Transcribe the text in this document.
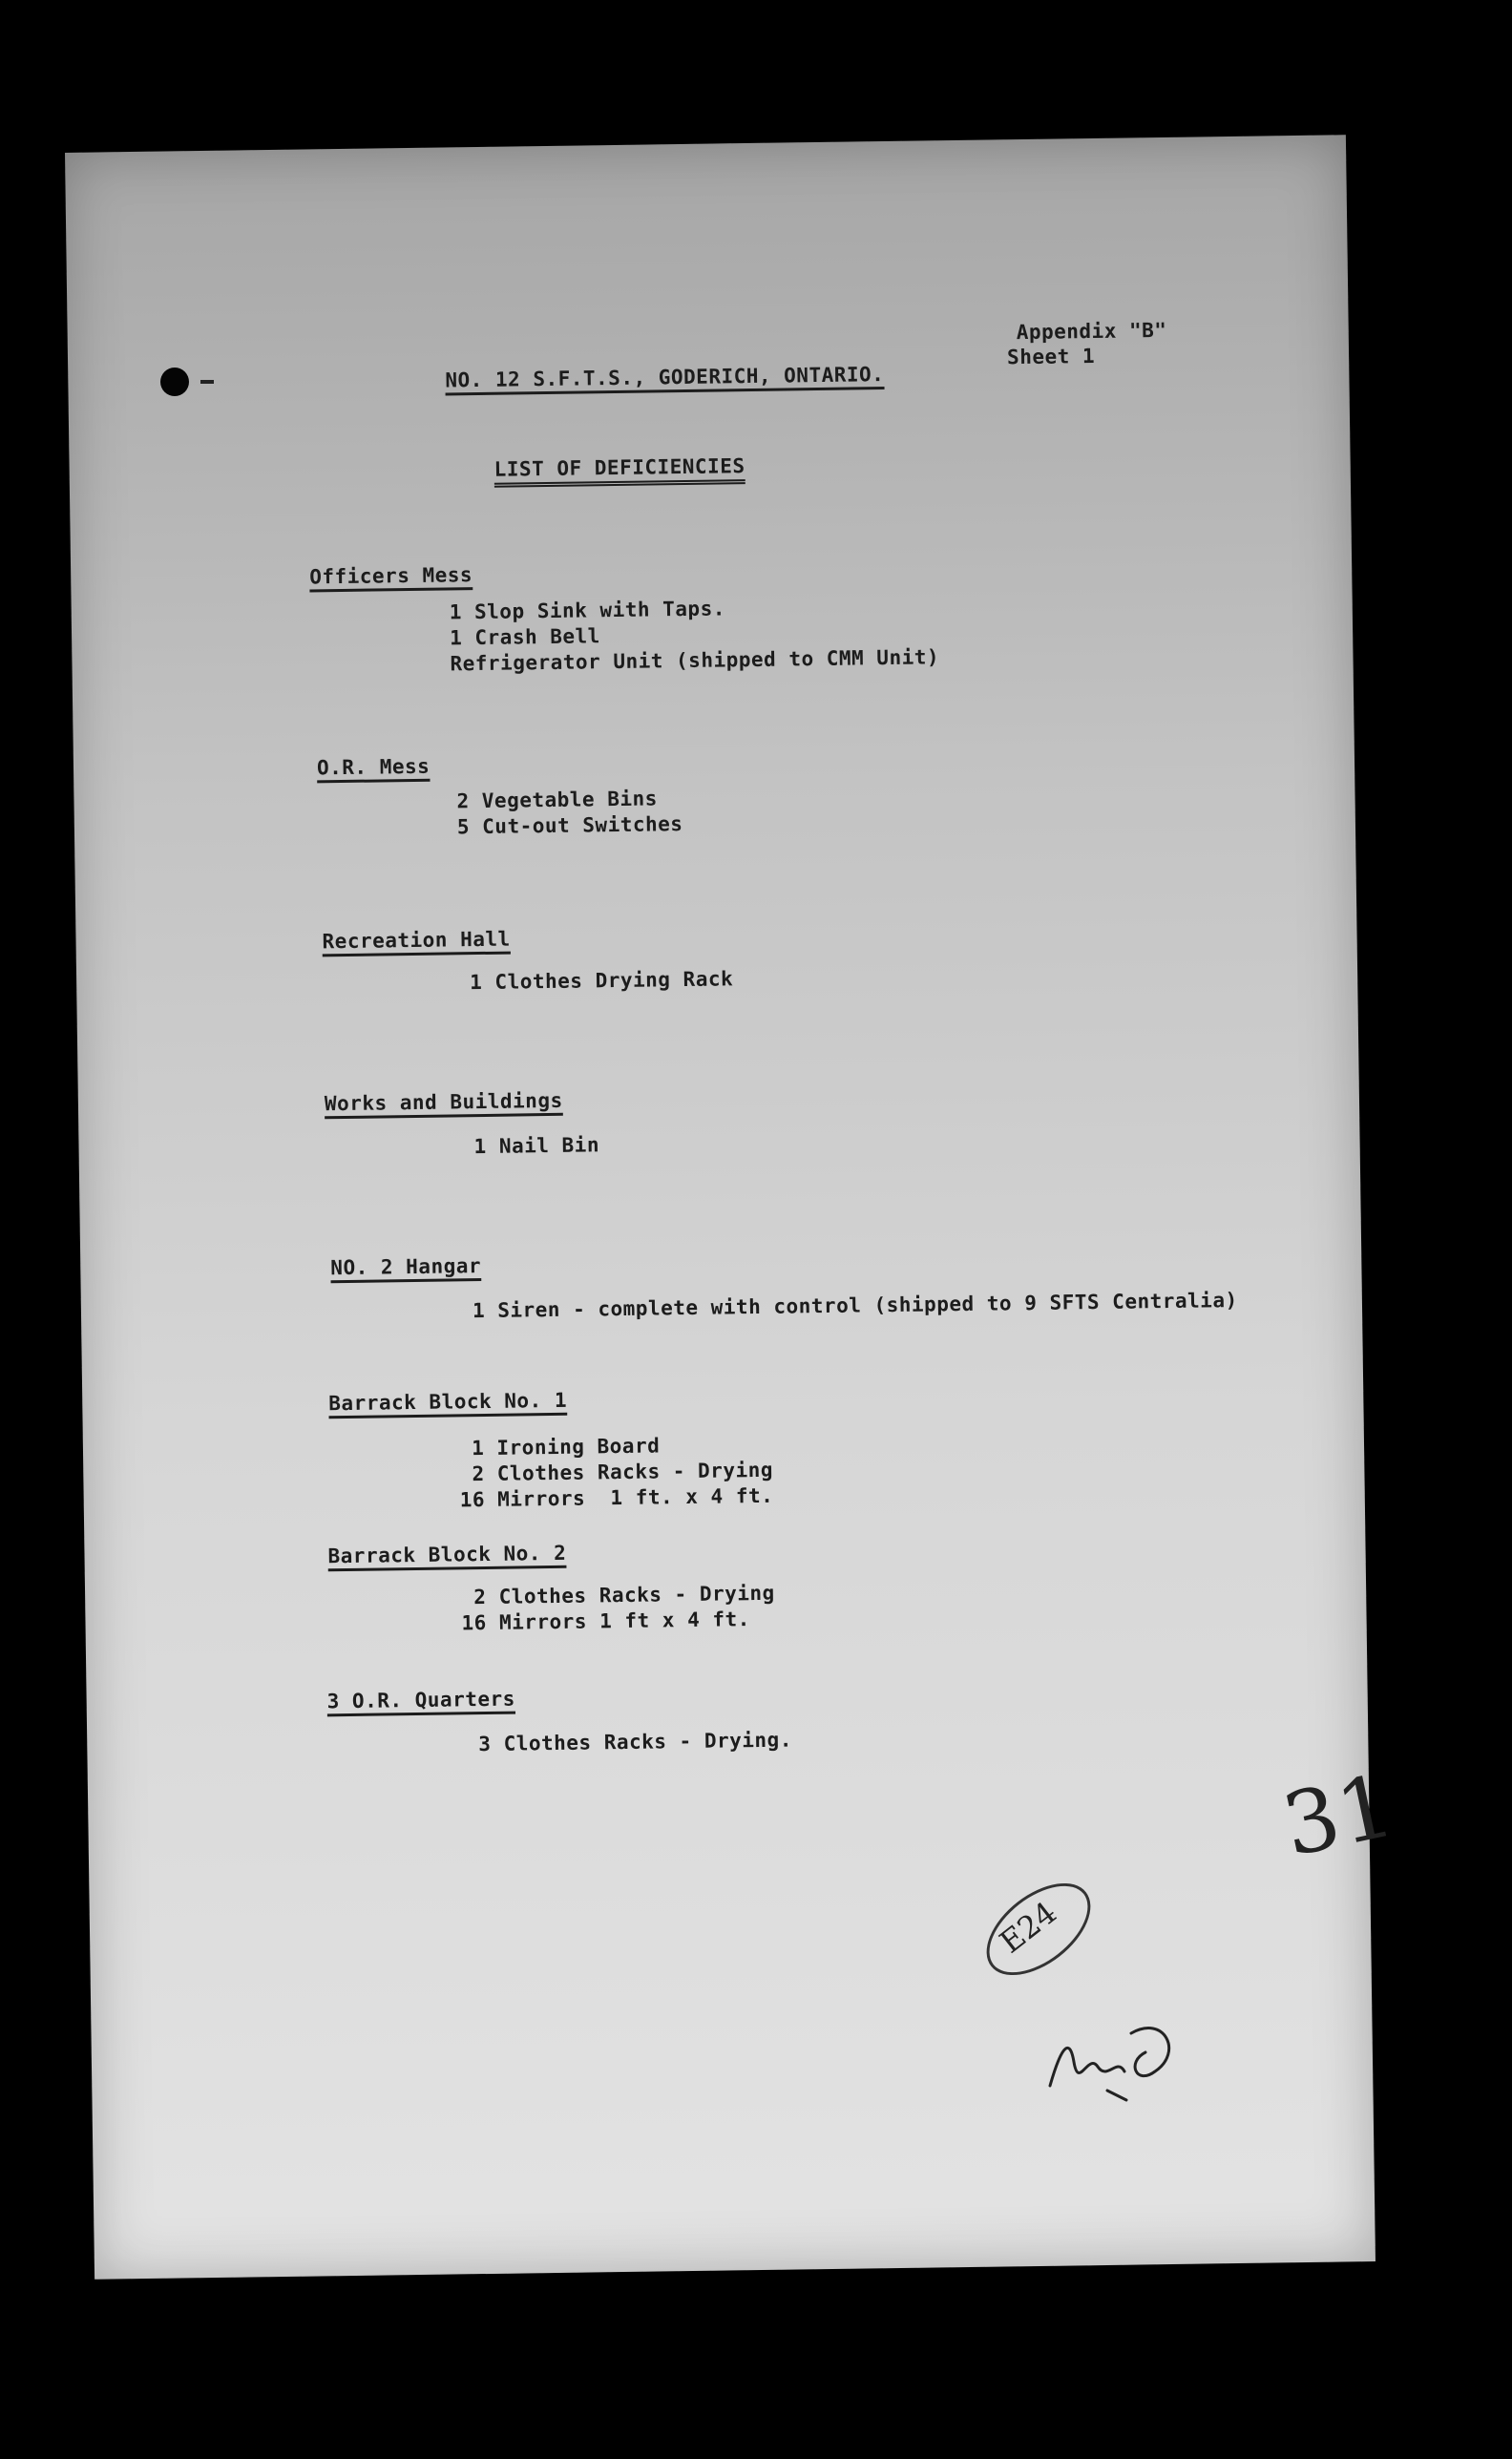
NO. 12 S.F.T.S., GODERICH, ONTARIO.
Appendix "B"
Sheet 1
LIST OF DEFICIENCIES
Officers Mess
1 Slop Sink with Taps.
1 Crash Bell
Refrigerator Unit (shipped to CMM Unit)
O.R. Mess
2 Vegetable Bins
5 Cut-out Switches
Recreation Hall
1 Clothes Drying Rack
Works and Buildings
1 Nail Bin
NO. 2 Hangar
1 Siren - complete with control (shipped to 9 SFTS Centralia)
Barrack Block No. 1
1 Ironing Board
2 Clothes Racks - Drying
16 Mirrors  1 ft. x 4 ft.
Barrack Block No. 2
2 Clothes Racks - Drying
16 Mirrors 1 ft x 4 ft.
3 O.R. Quarters
3 Clothes Racks - Drying.
31
E24
